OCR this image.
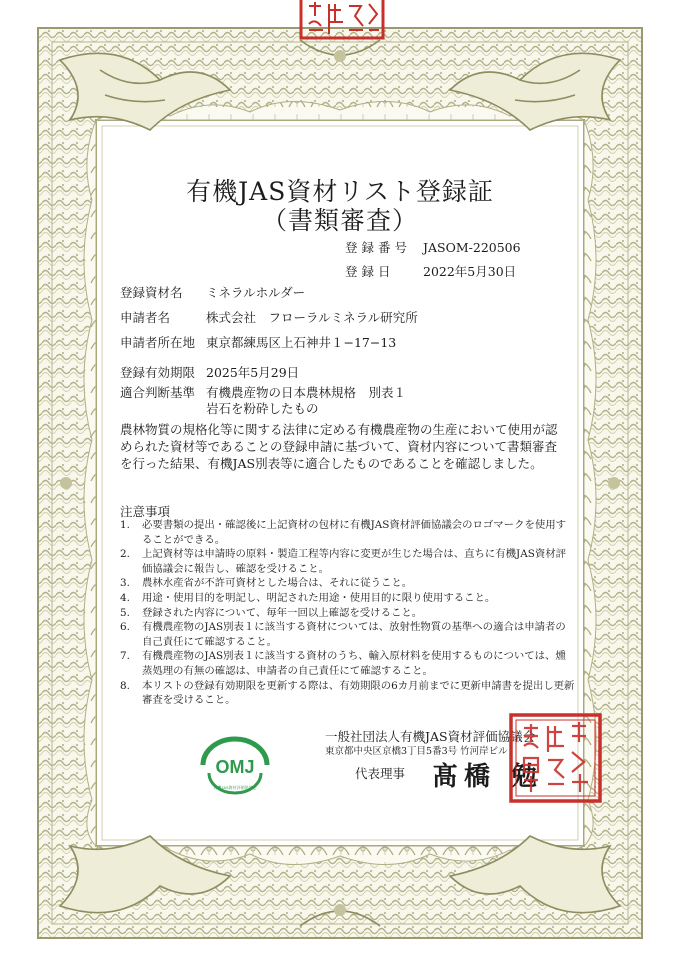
有機JAS資材リスト登録証
（書類審査）
登録番号 JASOM-220506
登録日 2022年5月30日
登録資材名 ミネラルホルダー
申請者名	株式会社　フローラルミネラル研究所
申請者所在地 東京都練馬区上石神井１−17−13
登録有効期限 2025年5月29日
適合判断基準 有機農産物の日本農林規格　別表１
岩石を粉砕したもの
農林物質の規格化等に関する法律に定める有機農産物の生産において使用が認められた資材等であることの登録申請に基づいて、資材内容について書類審査を行った結果、有機JAS別表等に適合したものであることを確認しました。
注意事項
1. 必要書類の提出・確認後に上記資材の包材に有機JAS資材評価協議会のロゴマークを使用することができる。
2. 上記資材等は申請時の原料・製造工程等内容に変更が生じた場合は、直ちに有機JAS資材評価協議会に報告し、確認を受けること。
3. 農林水産省が不許可資材とした場合は、それに従うこと。
4. 用途・使用目的を明記し、明記された用途・使用目的に限り使用すること。
5. 登録された内容について、毎年一回以上確認を受けること。
6. 有機農産物のJAS別表１に該当する資材については、放射性物質の基準への適合は申請者の自己責任にて確認すること。
7. 有機農産物のJAS別表１に該当する資材のうち、輸入原材料を使用するものについては、燻蒸処理の有無の確認は、申請者の自己責任にて確認すること。
8. 本リストの登録有効期限を更新する際は、有効期限の6カ月前までに更新申請書を提出し更新審査を受けること。
OMJ
有機JAS資材評価協議会
一般社団法人有機JAS資材評価協議会
東京都中央区京橋3丁目5番3号 竹河岸ビル
代表理事 髙橋 勉
